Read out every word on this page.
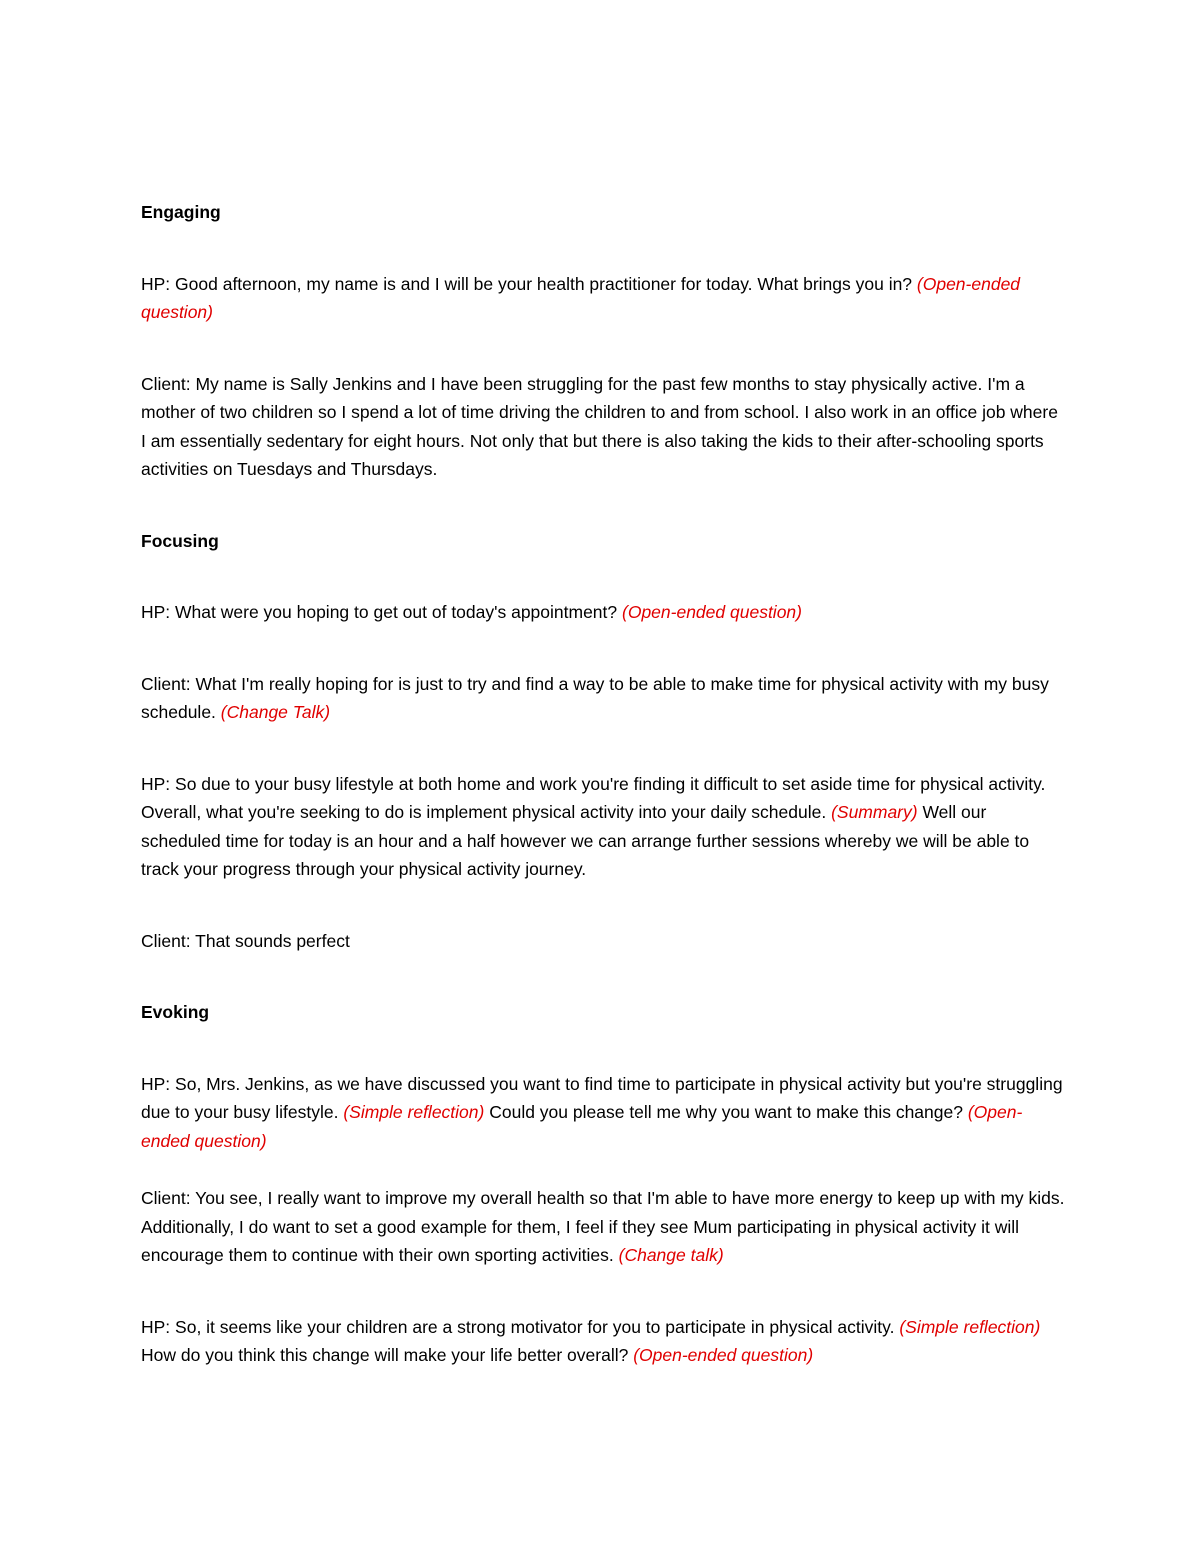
Engaging
HP: Good afternoon, my name is and I will be your health practitioner for today. What brings you in? (Open-ended question)
Client: My name is Sally Jenkins and I have been struggling for the past few months to stay physically active. I'm a mother of two children so I spend a lot of time driving the children to and from school. I also work in an office job where I am essentially sedentary for eight hours. Not only that but there is also taking the kids to their after-schooling sports activities on Tuesdays and Thursdays.
Focusing
HP: What were you hoping to get out of today's appointment? (Open-ended question)
Client: What I'm really hoping for is just to try and find a way to be able to make time for physical activity with my busy schedule. (Change Talk)
HP: So due to your busy lifestyle at both home and work you're finding it difficult to set aside time for physical activity. Overall, what you're seeking to do is implement physical activity into your daily schedule. (Summary) Well our scheduled time for today is an hour and a half however we can arrange further sessions whereby we will be able to track your progress through your physical activity journey.
Client: That sounds perfect
Evoking
HP: So, Mrs. Jenkins, as we have discussed you want to find time to participate in physical activity but you're struggling due to your busy lifestyle. (Simple reflection) Could you please tell me why you want to make this change? (Open-ended question)
Client: You see, I really want to improve my overall health so that I'm able to have more energy to keep up with my kids. Additionally, I do want to set a good example for them, I feel if they see Mum participating in physical activity it will encourage them to continue with their own sporting activities. (Change talk)
HP: So, it seems like your children are a strong motivator for you to participate in physical activity. (Simple reflection) How do you think this change will make your life better overall? (Open-ended question)
